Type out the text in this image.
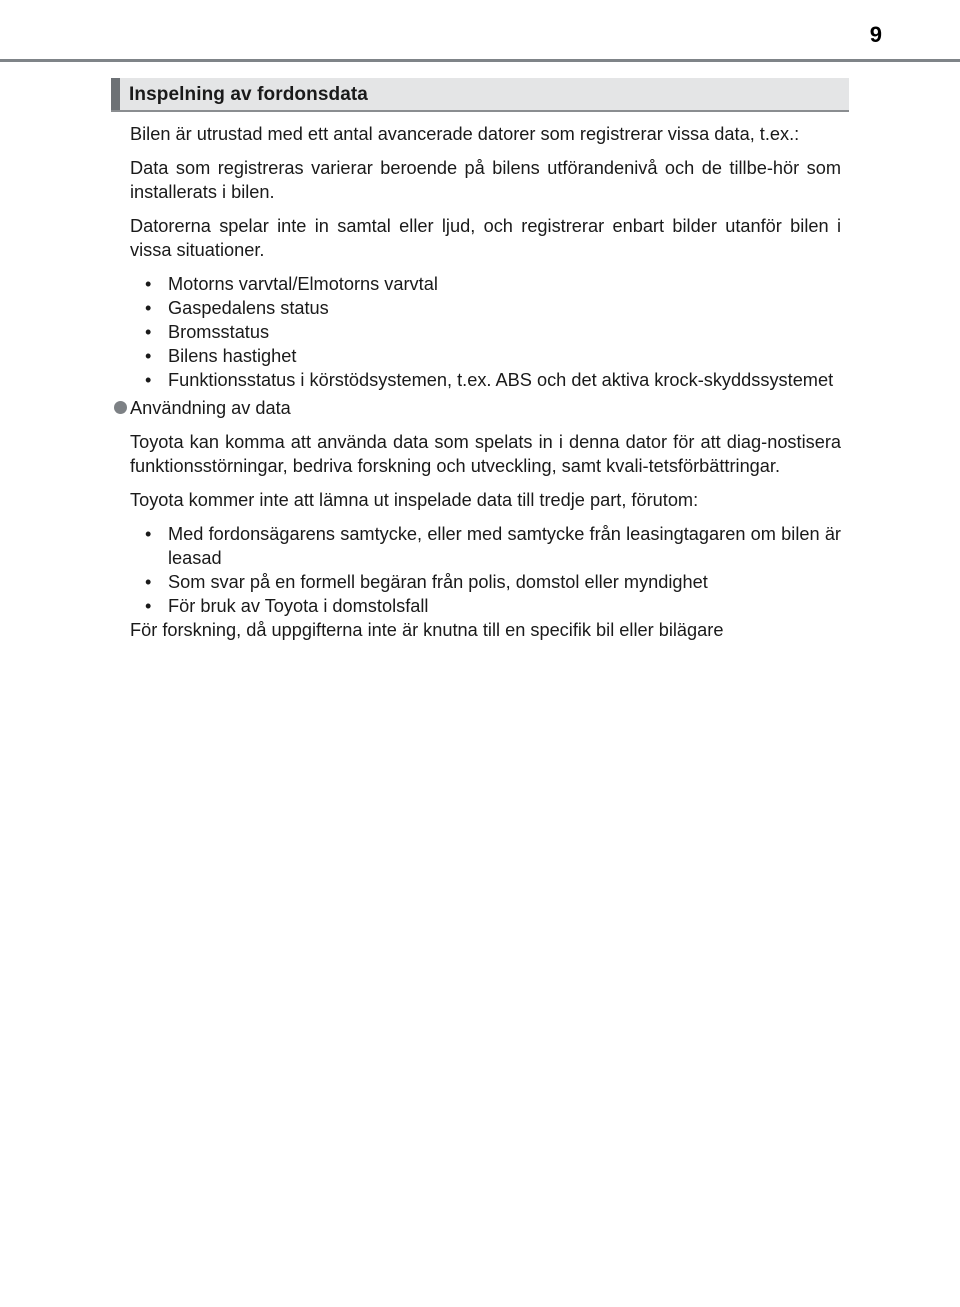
9
Inspelning av fordonsdata

Bilen är utrustad med ett antal avancerade datorer som registrerar vissa data, t.ex.:

Data som registreras varierar beroende på bilens utförandenivå och de tillbe-hör som installerats i bilen.

Datorerna spelar inte in samtal eller ljud, och registrerar enbart bilder utanför bilen i vissa situationer.

• Motorns varvtal/Elmotorns varvtal
• Gaspedalens status
• Bromsstatus
• Bilens hastighet
• Funktionsstatus i körstödsystemen, t.ex. ABS och det aktiva krock-skyddssystemet
Användning av data

Toyota kan komma att använda data som spelats in i denna dator för att diag-nostisera funktionsstörningar, bedriva forskning och utveckling, samt kvali-tetsförbättringar.

Toyota kommer inte att lämna ut inspelade data till tredje part, förutom:

• Med fordonsägarens samtycke, eller med samtycke från leasingtagaren om bilen är leasad
• Som svar på en formell begäran från polis, domstol eller myndighet
• För bruk av Toyota i domstolsfall

För forskning, då uppgifterna inte är knutna till en specifik bil eller bilägare
